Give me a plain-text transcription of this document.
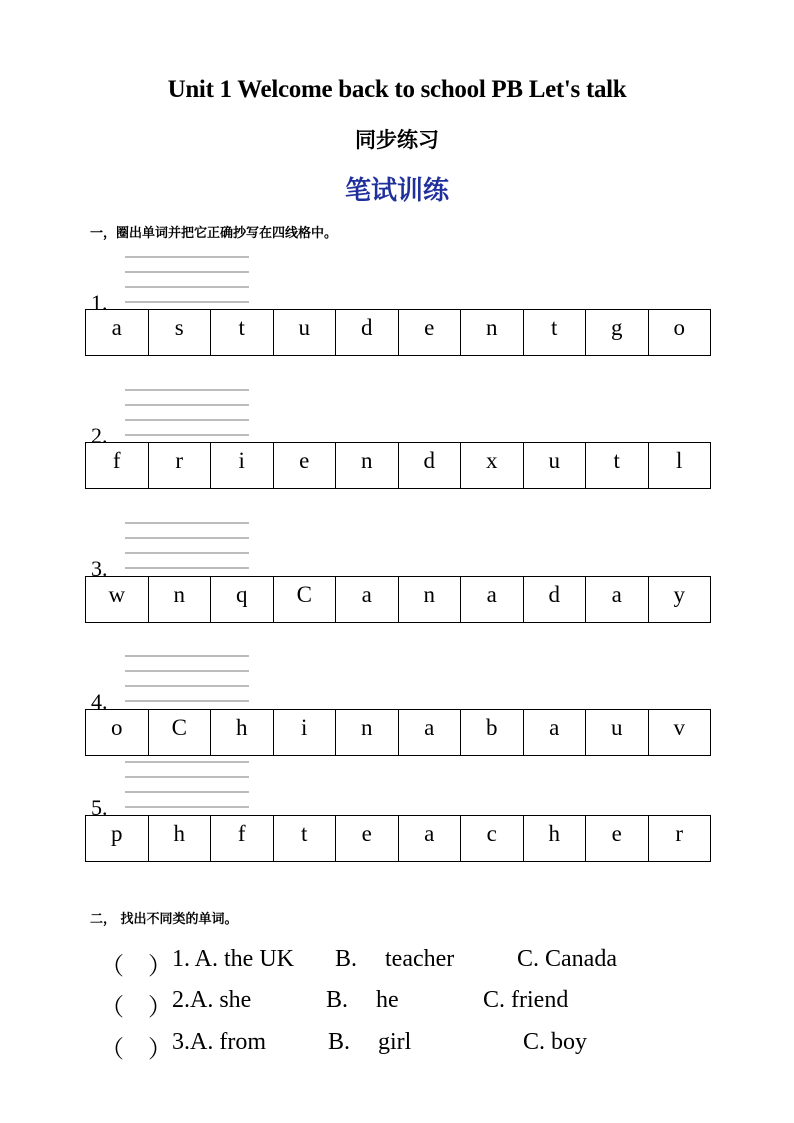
Unit 1 Welcome back to school PB Let's talk
同步练习
笔试训练
一，圈出单词并把它正确抄写在四线格中。
1.
a	s	t	u	d	e	n	t	g	o
2.
f	r	i	e	n	d	x	u	t	l
3.
w	n	q	C	a	n	a	d	a	y
4.
o	C	h	i	n	a	b	a	u	v
5.
p	h	f	t	e	a	c	h	e	r
二， 找出不同类的单词。
（　） 1. A. the UK B. teacher	C. Canada
（　） 2.A. she	B. he	C. friend
（　） 3.A. from	B. girl	C. boy
